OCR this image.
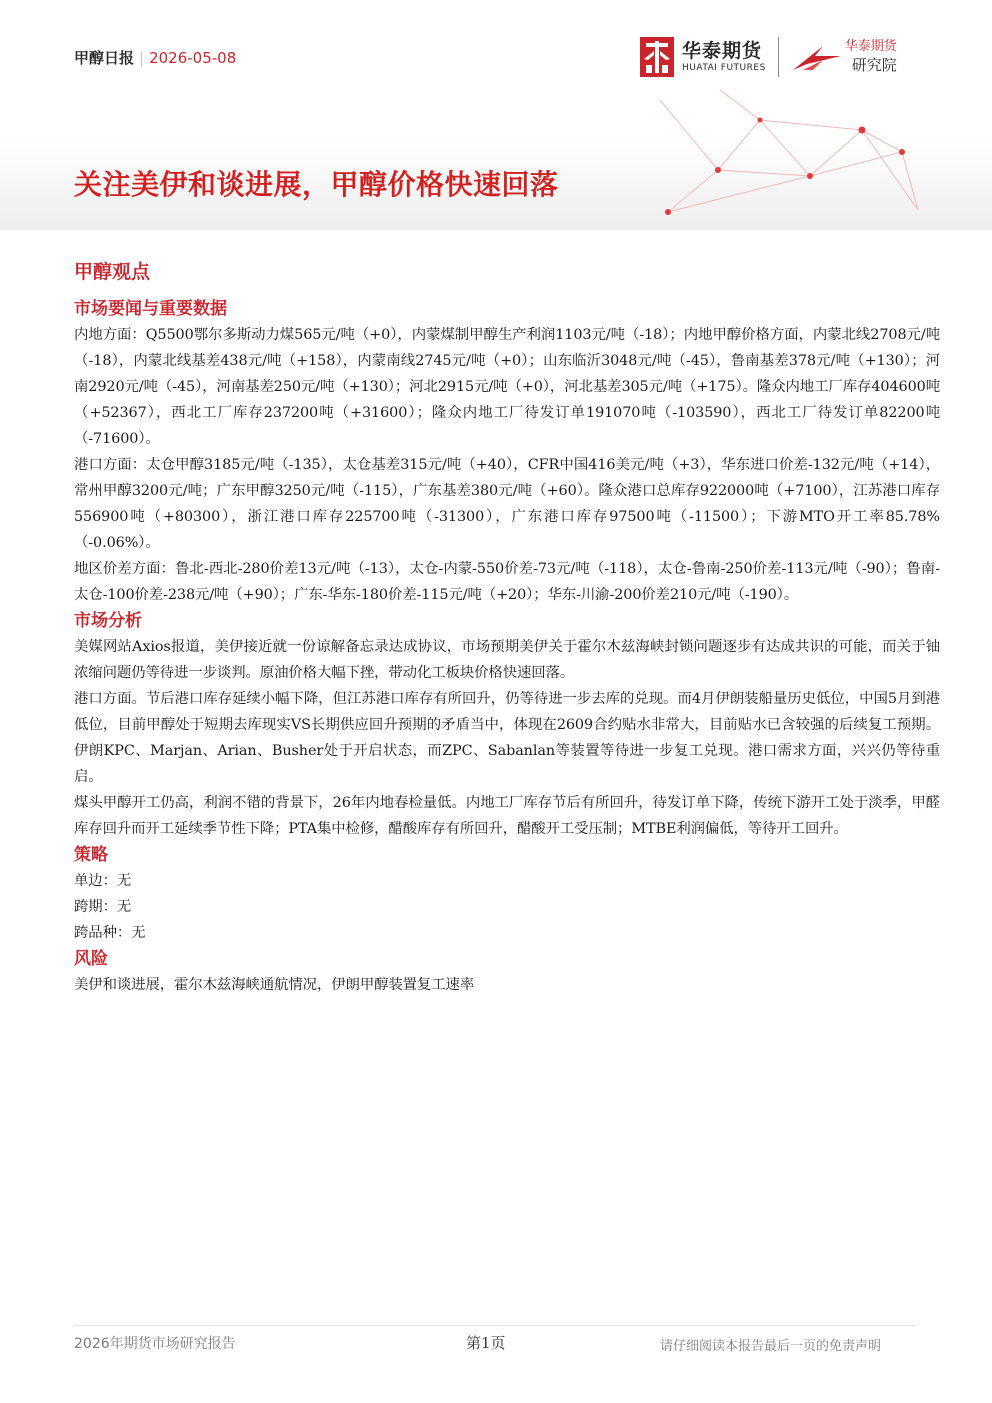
甲醇日报 | 2026-05-08	华泰期货
HUATAI FUTURES
华泰期货
研究院
关注美伊和谈进展，甲醇价格快速回落
甲醇观点
市场要闻与重要数据

内地方面：Q5500鄂尔多斯动力煤565元/吨（+0），内蒙煤制甲醇生产利润1103元/吨（-18）；内地甲醇价格方面，内蒙北线2708元/吨（-18），内蒙北线基差438元/吨（+158），内蒙南线2745元/吨（+0）；山东临沂3048元/吨（-45），鲁南基差378元/吨（+130）；河南2920元/吨（-45），河南基差250元/吨（+130）；河北2915元/吨（+0），河北基差305元/吨（+175）。隆众内地工厂库存404600吨（+52367），西北工厂库存237200吨（+31600）；隆众内地工厂待发订单191070吨（-103590），西北工厂待发订单82200吨（-71600）。

港口方面：太仓甲醇3185元/吨（-135），太仓基差315元/吨（+40），CFR中国416美元/吨（+3），华东进口价差-132元/吨（+14），常州甲醇3200元/吨；广东甲醇3250元/吨（-115），广东基差380元/吨（+60）。隆众港口总库存922000吨（+7100），江苏港口库存556900吨（+80300），浙江港口库存225700吨（-31300），广东港口库存97500吨（-11500）；下游MTO开工率85.78%（-0.06%）。

地区价差方面：鲁北-西北-280价差13元/吨（-13），太仓-内蒙-550价差-73元/吨（-118），太仓-鲁南-250价差-113元/吨（-90）；鲁南-太仓-100价差-238元/吨（+90）；广东-华东-180价差-115元/吨（+20）；华东-川渝-200价差210元/吨（-190）。

市场分析

美媒网站Axios报道，美伊接近就一份谅解备忘录达成协议，市场预期美伊关于霍尔木兹海峡封锁问题逐步有达成共识的可能，而关于铀浓缩问题仍等待进一步谈判。原油价格大幅下挫，带动化工板块价格快速回落。

港口方面。节后港口库存延续小幅下降，但江苏港口库存有所回升，仍等待进一步去库的兑现。而4月伊朗装船量历史低位，中国5月到港低位，目前甲醇处于短期去库现实VS长期供应回升预期的矛盾当中，体现在2609合约贴水非常大，目前贴水已含较强的后续复工预期。伊朗KPC、Marjan、Arian、Busher处于开启状态，而ZPC、Sabanlan等装置等待进一步复工兑现。港口需求方面，兴兴仍等待重启。

煤头甲醇开工仍高，利润不错的背景下，26年内地春检量低。内地工厂库存节后有所回升，待发订单下降，传统下游开工处于淡季，甲醛库存回升而开工延续季节性下降；PTA集中检修，醋酸库存有所回升，醋酸开工受压制；MTBE利润偏低，等待开工回升。

策略

单边：无

跨期：无

跨品种：无

风险

美伊和谈进展，霍尔木兹海峡通航情况，伊朗甲醇装置复工速率

2026年期货市场研究报告	第1页	请仔细阅读本报告最后一页的免责声明
